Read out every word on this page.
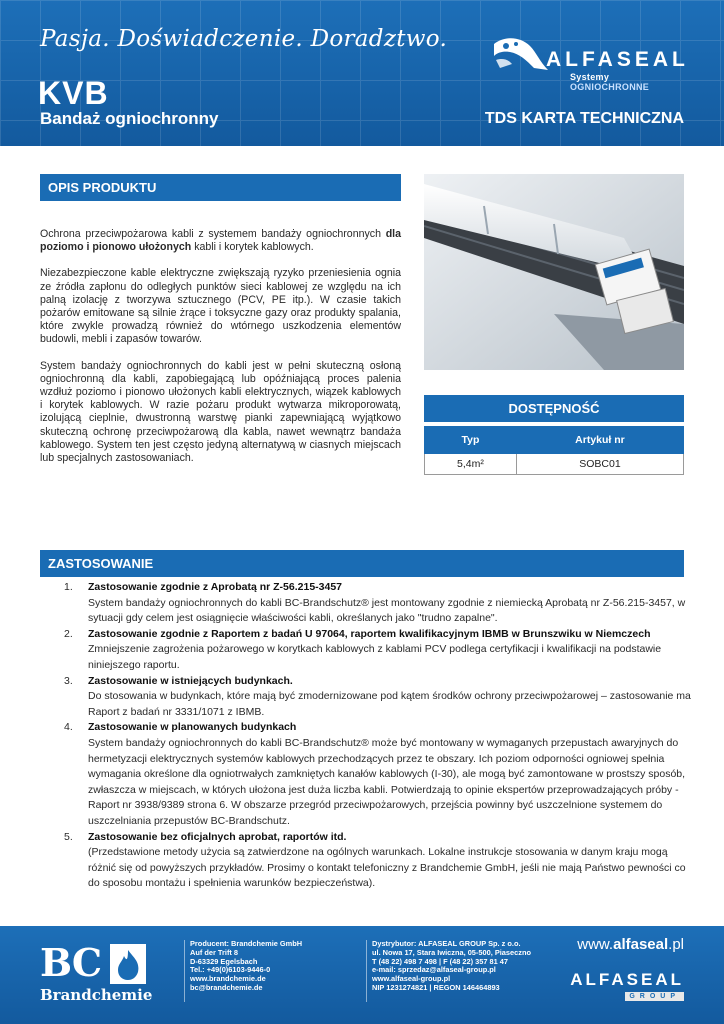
Pasja. Doświadczenie. Doradztwo.
KVB
Bandaż ogniochronny	TDS KARTA TECHNICZNA
ALFASEAL
Systemy OGNIOCHRONNE
OPIS PRODUKTU

Ochrona przeciwpożarowa kabli z systemem bandaży ogniochronnych dla poziomo i pionowo ułożonych kabli i korytek kablowych.

Niezabezpieczone kable elektryczne zwiększają ryzyko przeniesienia ognia ze źródła zapłonu do odległych punktów sieci kablowej ze względu na ich palną izolację z tworzywa sztucznego (PCV, PE itp.). W czasie takich pożarów emitowane są silnie żrące i toksyczne gazy oraz produkty spalania, które zwykle prowadzą również do wtórnego uszkodzenia elementów budowli, mebli i zapasów towarów.

System bandaży ogniochronnych do kabli jest w pełni skuteczną osłoną ogniochronną dla kabli, zapobiegającą lub opóźniającą proces palenia wzdłuż poziomo i pionowo ułożonych kabli elektrycznych, wiązek kablowych i korytek kablowych. W razie pożaru produkt wytwarza mikroporowatą, izolującą cieplnie, dwustronną warstwę pianki zapewniającą wyjątkowo skuteczną ochronę przeciwpożarową dla kabla, nawet wewnątrz bandaża kablowego. System ten jest często jedyną alternatywą w ciasnych miejscach lub specjalnych zastosowaniach.

DOSTĘPNOŚĆ
Typ	Artykuł nr
5,4m²	SOBC01
ZASTOSOWANIE
1.	Zastosowanie zgodnie z Aprobatą nr Z-56.215-3457
System bandaży ogniochronnych do kabli BC-Brandschutz® jest montowany zgodnie z niemiecką Aprobatą nr Z-56.215-3457, w sytuacji gdy celem jest osiągnięcie właściwości kabli, określanych jako "trudno zapalne".
2.	Zastosowanie zgodnie z Raportem z badań U 97064, raportem kwalifikacyjnym IBMB w Brunszwiku w Niemczech
Zmniejszenie zagrożenia pożarowego w korytkach kablowych z kablami PCV podlega certyfikacji i kwalifikacji na podstawie niniejszego raportu.
3.	Zastosowanie w istniejących budynkach.
Do stosowania w budynkach, które mają być zmodernizowane pod kątem środków ochrony przeciwpożarowej – zastosowanie ma Raport z badań nr 3331/1071 z IBMB.
4.	Zastosowanie w planowanych budynkach
System bandaży ogniochronnych do kabli BC-Brandschutz® może być montowany w wymaganych przepustach awaryjnych do hermetyzacji elektrycznych systemów kablowych przechodzących przez te obszary. Ich poziom odporności ogniowej spełnia wymagania określone dla ogniotrwałych zamkniętych kanałów kablowych (I-30), ale mogą być zamontowane w prostszy sposób, zwłaszcza w miejscach, w których ułożona jest duża liczba kabli. Potwierdzają to opinie ekspertów przeprowadzających próby - Raport nr 3938/9389 strona 6. W obszarze przegród przeciwpożarowych, przejścia powinny być uszczelnione systemem do uszczelniania przepustów BC-Brandschutz.
5.	Zastosowanie bez oficjalnych aprobat, raportów itd.
(Przedstawione metody użycia są zatwierdzone na ogólnych warunkach. Lokalne instrukcje stosowania w danym kraju mogą różnić się od powyższych przykładów. Prosimy o kontakt telefoniczny z Brandchemie GmbH, jeśli nie mają Państwo pewności co do sposobu montażu i spełnienia warunków bezpieczeństwa).
BC
Brandchemie
Producent: Brandchemie GmbH
Auf der Trift 8
D-63329 Egelsbach
Tel.: +49(0)6103-9446-0
www.brandchemie.de
bc@brandchemie.de
Dystrybutor: ALFASEAL GROUP Sp. z o.o.
ul. Nowa 17, Stara Iwiczna, 05-500, Piaseczno
T (48 22) 498 7 498 | F (48 22) 357 81 47
e-mail: sprzedaz@alfaseal-group.pl
www.alfaseal-group.pl
NIP 1231274821 | REGON 146464893
www.alfaseal.pl
ALFASEAL
GROUP
